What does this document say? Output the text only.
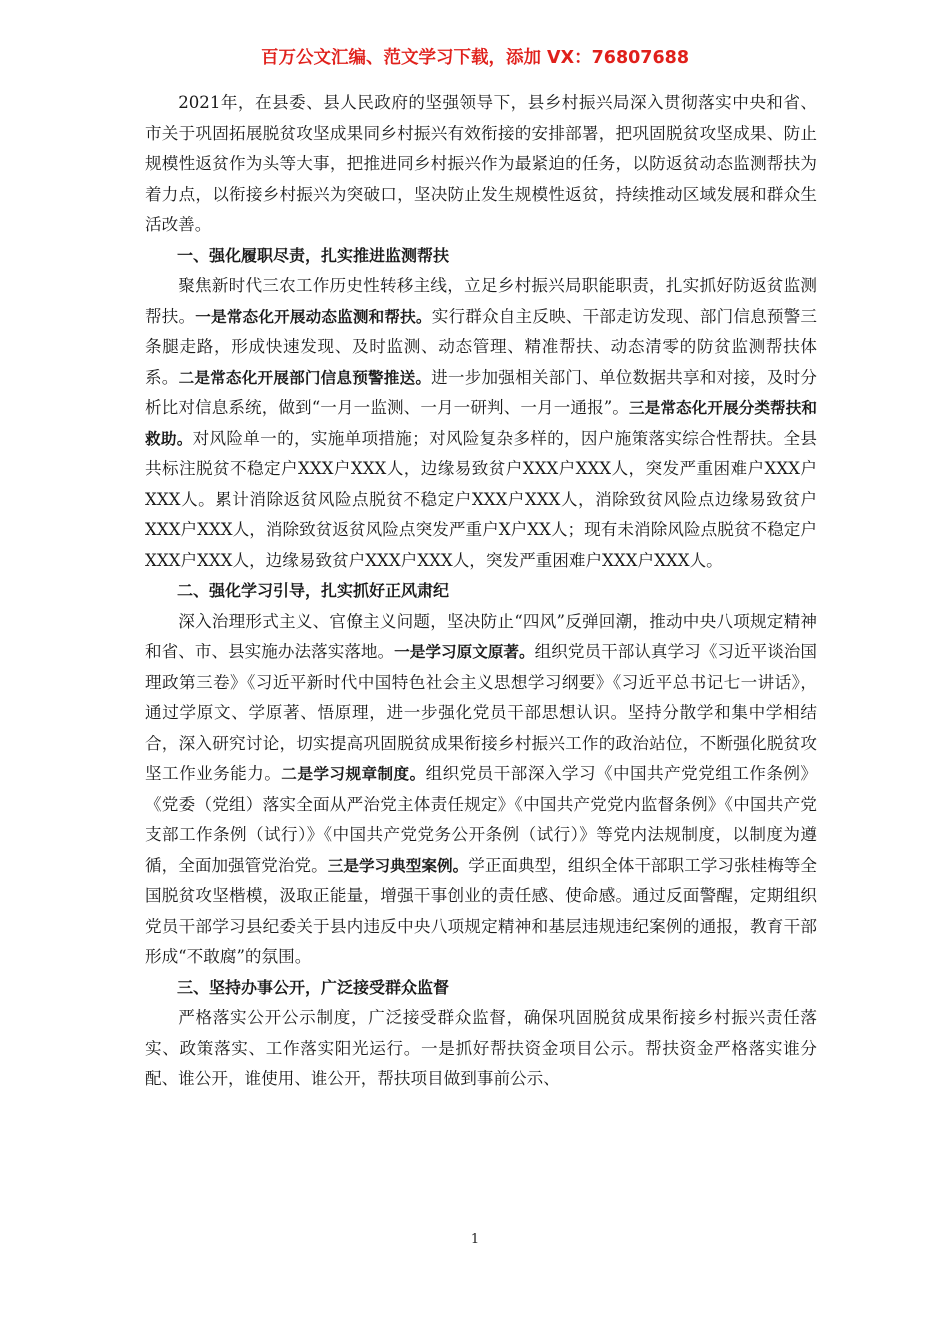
百万公文汇编、范文学习下载，添加 VX：76807688

2021年，在县委、县人民政府的坚强领导下，县乡村振兴局深入贯彻落实中央和省、市关于巩固拓展脱贫攻坚成果同乡村振兴有效衔接的安排部署，把巩固脱贫攻坚成果、防止规模性返贫作为头等大事，把推进同乡村振兴作为最紧迫的任务，以防返贫动态监测帮扶为着力点，以衔接乡村振兴为突破口，坚决防止发生规模性返贫，持续推动区域发展和群众生活改善。

一、强化履职尽责，扎实推进监测帮扶

聚焦新时代三农工作历史性转移主线，立足乡村振兴局职能职责，扎实抓好防返贫监测帮扶。一是常态化开展动态监测和帮扶。实行群众自主反映、干部走访发现、部门信息预警三条腿走路，形成快速发现、及时监测、动态管理、精准帮扶、动态清零的防贫监测帮扶体系。二是常态化开展部门信息预警推送。进一步加强相关部门、单位数据共享和对接，及时分析比对信息系统，做到“一月一监测、一月一研判、一月一通报”。三是常态化开展分类帮扶和救助。对风险单一的，实施单项措施；对风险复杂多样的，因户施策落实综合性帮扶。全县共标注脱贫不稳定户XXX户XXX人，边缘易致贫户XXX户XXX人，突发严重困难户XXX户XXX人。累计消除返贫风险点脱贫不稳定户XXX户XXX人，消除致贫风险点边缘易致贫户XXX户XXX人，消除致贫返贫风险点突发严重户X户XX人；现有未消除风险点脱贫不稳定户XXX户XXX人，边缘易致贫户XXX户XXX人，突发严重困难户XXX户XXX人。

二、强化学习引导，扎实抓好正风肃纪

深入治理形式主义、官僚主义问题，坚决防止“四风”反弹回潮，推动中央八项规定精神和省、市、县实施办法落实落地。一是学习原文原著。组织党员干部认真学习《习近平谈治国理政第三卷》《习近平新时代中国特色社会主义思想学习纲要》《习近平总书记七一讲话》，通过学原文、学原著、悟原理，进一步强化党员干部思想认识。坚持分散学和集中学相结合，深入研究讨论，切实提高巩固脱贫成果衔接乡村振兴工作的政治站位，不断强化脱贫攻坚工作业务能力。二是学习规章制度。组织党员干部深入学习《中国共产党党组工作条例》《党委（党组）落实全面从严治党主体责任规定》《中国共产党党内监督条例》《中国共产党支部工作条例（试行）》《中国共产党党务公开条例（试行）》等党内法规制度，以制度为遵循，全面加强管党治党。三是学习典型案例。学正面典型，组织全体干部职工学习张桂梅等全国脱贫攻坚楷模，汲取正能量，增强干事创业的责任感、使命感。通过反面警醒，定期组织党员干部学习县纪委关于县内违反中央八项规定精神和基层违规违纪案例的通报，教育干部形成“不敢腐”的氛围。

三、坚持办事公开，广泛接受群众监督

严格落实公开公示制度，广泛接受群众监督，确保巩固脱贫成果衔接乡村振兴责任落实、政策落实、工作落实阳光运行。一是抓好帮扶资金项目公示。帮扶资金严格落实谁分配、谁公开，谁使用、谁公开，帮扶项目做到事前公示、

1
